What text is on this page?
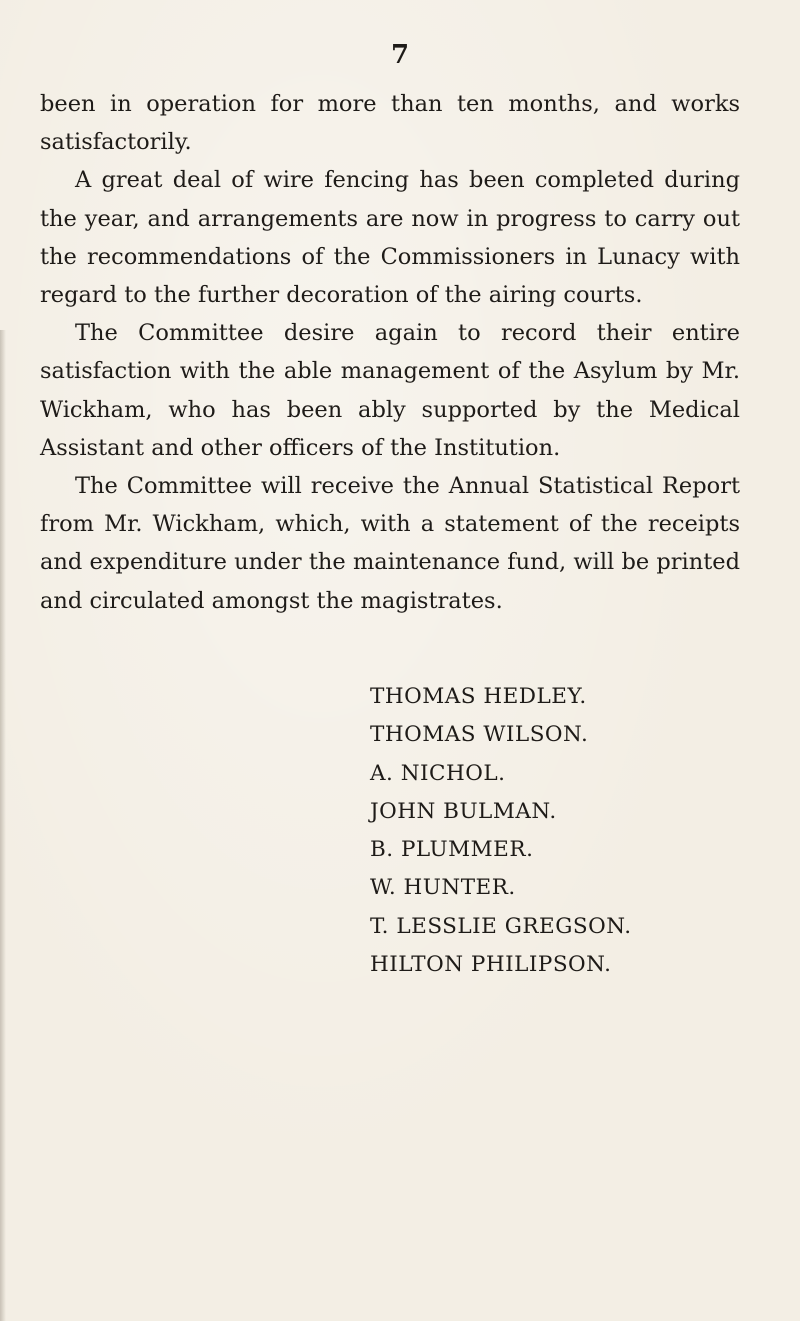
7

been in operation for more than ten months, and works satisfactorily.

A great deal of wire fencing has been completed during the year, and arrangements are now in progress to carry out the recommendations of the Commissioners in Lunacy with regard to the further decoration of the airing courts.

The Committee desire again to record their entire satisfaction with the able management of the Asylum by Mr. Wickham, who has been ably supported by the Medical Assistant and other officers of the Institution.

The Committee will receive the Annual Statistical Report from Mr. Wickham, which, with a statement of the receipts and expenditure under the maintenance fund, will be printed and circulated amongst the magistrates.

THOMAS HEDLEY.
THOMAS WILSON.
A. NICHOL.
JOHN BULMAN.
B. PLUMMER.
W. HUNTER.
T. LESSLIE GREGSON.
HILTON PHILIPSON.
